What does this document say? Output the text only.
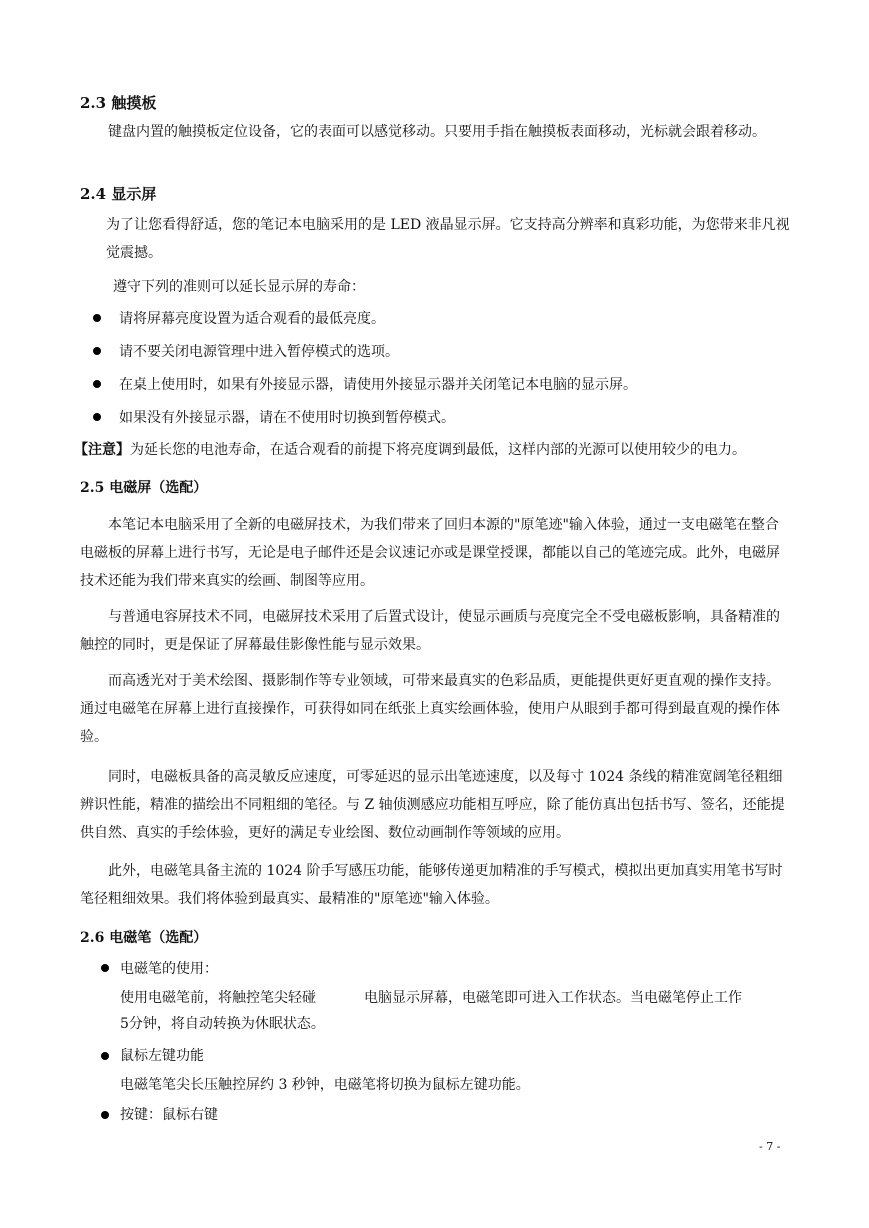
2.3 触摸板

键盘内置的触摸板定位设备，它的表面可以感觉移动。只要用手指在触摸板表面移动，光标就会跟着移动。

2.4 显示屏

为了让您看得舒适，您的笔记本电脑采用的是 LED 液晶显示屏。它支持高分辨率和真彩功能，为您带来非凡视觉震撼。

遵守下列的准则可以延长显示屏的寿命：
请将屏幕亮度设置为适合观看的最低亮度。
请不要关闭电源管理中进入暂停模式的选项。
在桌上使用时，如果有外接显示器，请使用外接显示器并关闭笔记本电脑的显示屏。
如果没有外接显示器，请在不使用时切换到暂停模式。
【注意】为延长您的电池寿命，在适合观看的前提下将亮度调到最低，这样内部的光源可以使用较少的电力。
2.5 电磁屏（选配）

本笔记本电脑采用了全新的电磁屏技术，为我们带来了回归本源的"原笔迹"输入体验，通过一支电磁笔在整合电磁板的屏幕上进行书写，无论是电子邮件还是会议速记亦或是课堂授课，都能以自己的笔迹完成。此外，电磁屏技术还能为我们带来真实的绘画、制图等应用。

与普通电容屏技术不同，电磁屏技术采用了后置式设计，使显示画质与亮度完全不受电磁板影响，具备精准的触控的同时，更是保证了屏幕最佳影像性能与显示效果。

而高透光对于美术绘图、摄影制作等专业领域，可带来最真实的色彩品质，更能提供更好更直观的操作支持。通过电磁笔在屏幕上进行直接操作，可获得如同在纸张上真实绘画体验，使用户从眼到手都可得到最直观的操作体验。

同时，电磁板具备的高灵敏反应速度，可零延迟的显示出笔迹速度，以及每寸 1024 条线的精准宽阔笔径粗细辨识性能，精准的描绘出不同粗细的笔径。与 Z 轴侦测感应功能相互呼应，除了能仿真出包括书写、签名，还能提供自然、真实的手绘体验，更好的满足专业绘图、数位动画制作等领域的应用。

此外，电磁笔具备主流的 1024 阶手写感压功能，能够传递更加精准的手写模式，模拟出更加真实用笔书写时笔径粗细效果。我们将体验到最真实、最精准的"原笔迹"输入体验。

2.6 电磁笔（选配）
电磁笔的使用：
使用电磁笔前，将触控笔尖轻碰	电脑显示屏幕，电磁笔即可进入工作状态。当电磁笔停止工作
5分钟，将自动转换为休眠状态。
鼠标左键功能
电磁笔笔尖长压触控屏约 3 秒钟，电磁笔将切换为鼠标左键功能。
按键：鼠标右键
- 7 -
